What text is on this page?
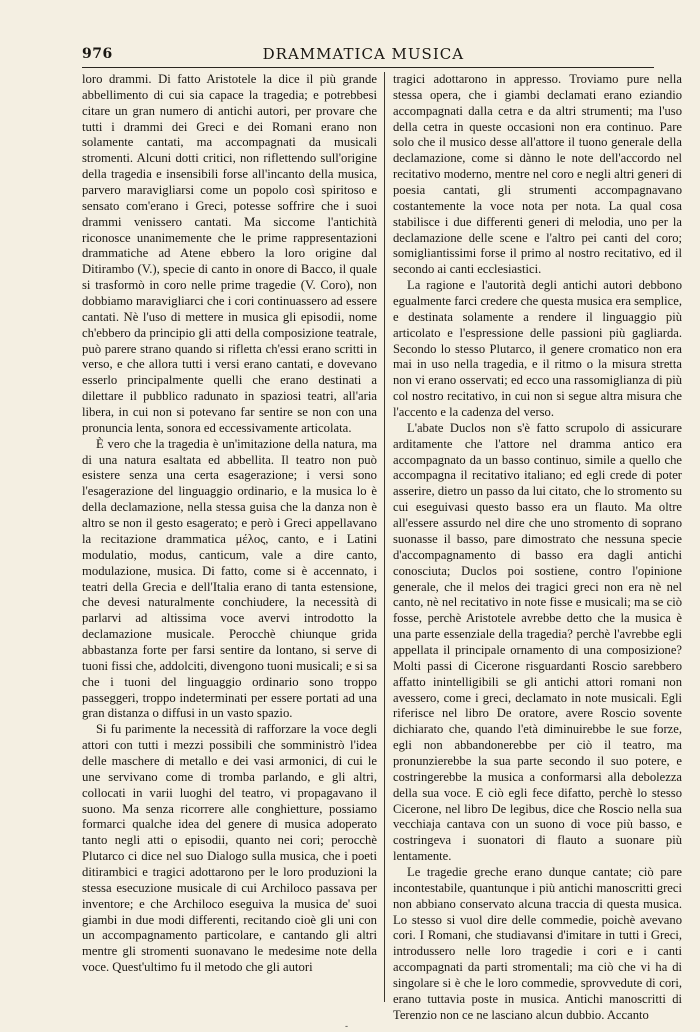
976	DRAMMATICA MUSICA

loro drammi. Di fatto Aristotele la dice il più grande abbellimento di cui sia capace la tragedia; e potrebbesi citare un gran numero di antichi autori, per provare che tutti i drammi dei Greci e dei Romani erano non solamente cantati, ma accompagnati da musicali stromenti. Alcuni dotti critici, non riflettendo sull'origine della tragedia e insensibili forse all'incanto della musica, parvero maravigliarsi come un popolo così spiritoso e sensato com'erano i Greci, potesse soffrire che i suoi drammi venissero cantati. Ma siccome l'antichità riconosce unanimemente che le prime rappresentazioni drammatiche ad Atene ebbero la loro origine dal Ditirambo (V.), specie di canto in onore di Bacco, il quale si trasformò in coro nelle prime tragedie (V. Coro), non dobbiamo maravigliarci che i cori continuassero ad essere cantati. Nè l'uso di mettere in musica gli episodii, nome ch'ebbero da principio gli atti della composizione teatrale, può parere strano quando si rifletta ch'essi erano scritti in verso, e che allora tutti i versi erano cantati, e dovevano esserlo principalmente quelli che erano destinati a dilettare il pubblico radunato in spaziosi teatri, all'aria libera, in cui non si potevano far sentire se non con una pronuncia lenta, sonora ed eccessivamente articolata.

È vero che la tragedia è un'imitazione della natura, ma di una natura esaltata ed abbellita. Il teatro non può esistere senza una certa esagerazione; i versi sono l'esagerazione del linguaggio ordinario, e la musica lo è della declamazione, nella stessa guisa che la danza non è altro se non il gesto esagerato; e però i Greci appellavano la recitazione drammatica μέλος, canto, e i Latini modulatio, modus, canticum, vale a dire canto, modulazione, musica. Di fatto, come si è accennato, i teatri della Grecia e dell'Italia erano di tanta estensione, che devesi naturalmente conchiudere, la necessità di parlarvi ad altissima voce avervi introdotto la declamazione musicale. Perocchè chiunque grida abbastanza forte per farsi sentire da lontano, si serve di tuoni fissi che, addolciti, divengono tuoni musicali; e si sa che i tuoni del linguaggio ordinario sono troppo passeggeri, troppo indeterminati per essere portati ad una gran distanza o diffusi in un vasto spazio.

Si fu parimente la necessità di rafforzare la voce degli attori con tutti i mezzi possibili che somministrò l'idea delle maschere di metallo e dei vasi armonici, di cui le une servivano come di tromba parlando, e gli altri, collocati in varii luoghi del teatro, vi propagavano il suono. Ma senza ricorrere alle conghietture, possiamo formarci qualche idea del genere di musica adoperato tanto negli atti o episodii, quanto nei cori; perocchè Plutarco ci dice nel suo Dialogo sulla musica, che i poeti ditirambici e tragici adottarono per le loro produzioni la stessa esecuzione musicale di cui Archiloco passava per inventore; e che Archiloco eseguiva la musica de' suoi giambi in due modi differenti, recitando cioè gli uni con un accompagnamento particolare, e cantando gli altri mentre gli stromenti suonavano le medesime note della voce. Quest'ultimo fu il metodo che gli autori

tragici adottarono in appresso. Troviamo pure nella stessa opera, che i giambi declamati erano eziandio accompagnati dalla cetra e da altri strumenti; ma l'uso della cetra in queste occasioni non era continuo. Pare solo che il musico desse all'attore il tuono generale della declamazione, come si dànno le note dell'accordo nel recitativo moderno, mentre nel coro e negli altri generi di poesia cantati, gli strumenti accompagnavano costantemente la voce nota per nota. La qual cosa stabilisce i due differenti generi di melodia, uno per la declamazione delle scene e l'altro pei canti del coro; somigliantissimi forse il primo al nostro recitativo, ed il secondo ai canti ecclesiastici.

La ragione e l'autorità degli antichi autori debbono egualmente farci credere che questa musica era semplice, e destinata solamente a rendere il linguaggio più articolato e l'espressione delle passioni più gagliarda. Secondo lo stesso Plutarco, il genere cromatico non era mai in uso nella tragedia, e il ritmo o la misura stretta non vi erano osservati; ed ecco una rassomiglianza di più col nostro recitativo, in cui non si segue altra misura che l'accento e la cadenza del verso.

L'abate Duclos non s'è fatto scrupolo di assicurare arditamente che l'attore nel dramma antico era accompagnato da un basso continuo, simile a quello che accompagna il recitativo italiano; ed egli crede di poter asserire, dietro un passo da lui citato, che lo stromento su cui eseguivasi questo basso era un flauto. Ma oltre all'essere assurdo nel dire che uno stromento di soprano suonasse il basso, pare dimostrato che nessuna specie d'accompagnamento di basso era dagli antichi conosciuta; Duclos poi sostiene, contro l'opinione generale, che il melos dei tragici greci non era nè nel canto, nè nel recitativo in note fisse e musicali; ma se ciò fosse, perchè Aristotele avrebbe detto che la musica è una parte essenziale della tragedia? perchè l'avrebbe egli appellata il principale ornamento di una composizione? Molti passi di Cicerone risguardanti Roscio sarebbero affatto inintelligibili se gli antichi attori romani non avessero, come i greci, declamato in note musicali. Egli riferisce nel libro De oratore, avere Roscio sovente dichiarato che, quando l'età diminuirebbe le sue forze, egli non abbandonerebbe per ciò il teatro, ma pronunzierebbe la sua parte secondo il suo potere, e costringerebbe la musica a conformarsi alla debolezza della sua voce. E ciò egli fece difatto, perchè lo stesso Cicerone, nel libro De legibus, dice che Roscio nella sua vecchiaja cantava con un suono di voce più basso, e costringeva i suonatori di flauto a suonare più lentamente.

Le tragedie greche erano dunque cantate; ciò pare incontestabile, quantunque i più antichi manoscritti greci non abbiano conservato alcuna traccia di questa musica. Lo stesso si vuol dire delle commedie, poichè avevano cori. I Romani, che studiavansi d'imitare in tutti i Greci, introdussero nelle loro tragedie i cori e i canti accompagnati da parti stromentali; ma ciò che vi ha di singolare si è che le loro commedie, sprovvedute di cori, erano tuttavia poste in musica. Antichi manoscritti di Terenzio non ce ne lasciano alcun dubbio. Accanto

-
